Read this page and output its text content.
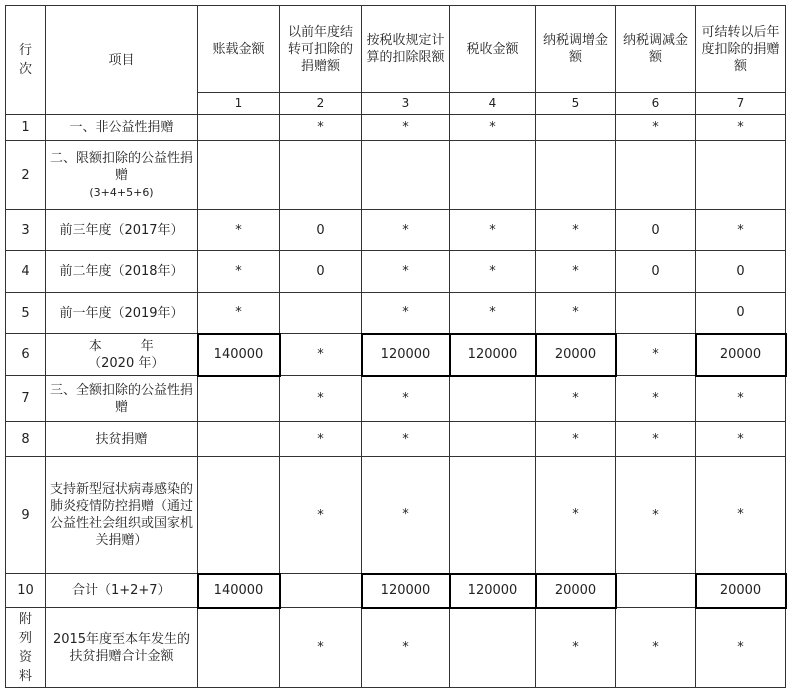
行次	项目	账载金额	以前年度结转可扣除的捐赠额	按税收规定计算的扣除限额	税收金额	纳税调增金额	纳税调减金额	可结转以后年度扣除的捐赠额
		1	2	3	4	5	6	7
1	一、非公益性捐赠		*	*	*		*	*
2	二、限额扣除的公益性捐赠
(3+4+5+6)							

3	前三年度（2017年）	*	0	*	*	*	0	*
4	前二年度（2018年）	*	0	*	*	*	0	0
5	前一年度（2019年）	*		*	*	*		0
6	本　　　年
（2020 年）	140000	*	120000	120000	20000	*	20000
7	三、全额扣除的公益性捐赠		*	*		*	*	*
8	扶贫捐赠		*	*		*	*	*
9	支持新型冠状病毒感染的肺炎疫情防控捐赠（通过公益性社会组织或国家机关捐赠）		*	*		*	*	*
10	合计（1+2+7）	140000		120000	120000	20000		20000
附列资料	2015年度至本年发生的扶贫捐赠合计金额		*	*		*	*	*
